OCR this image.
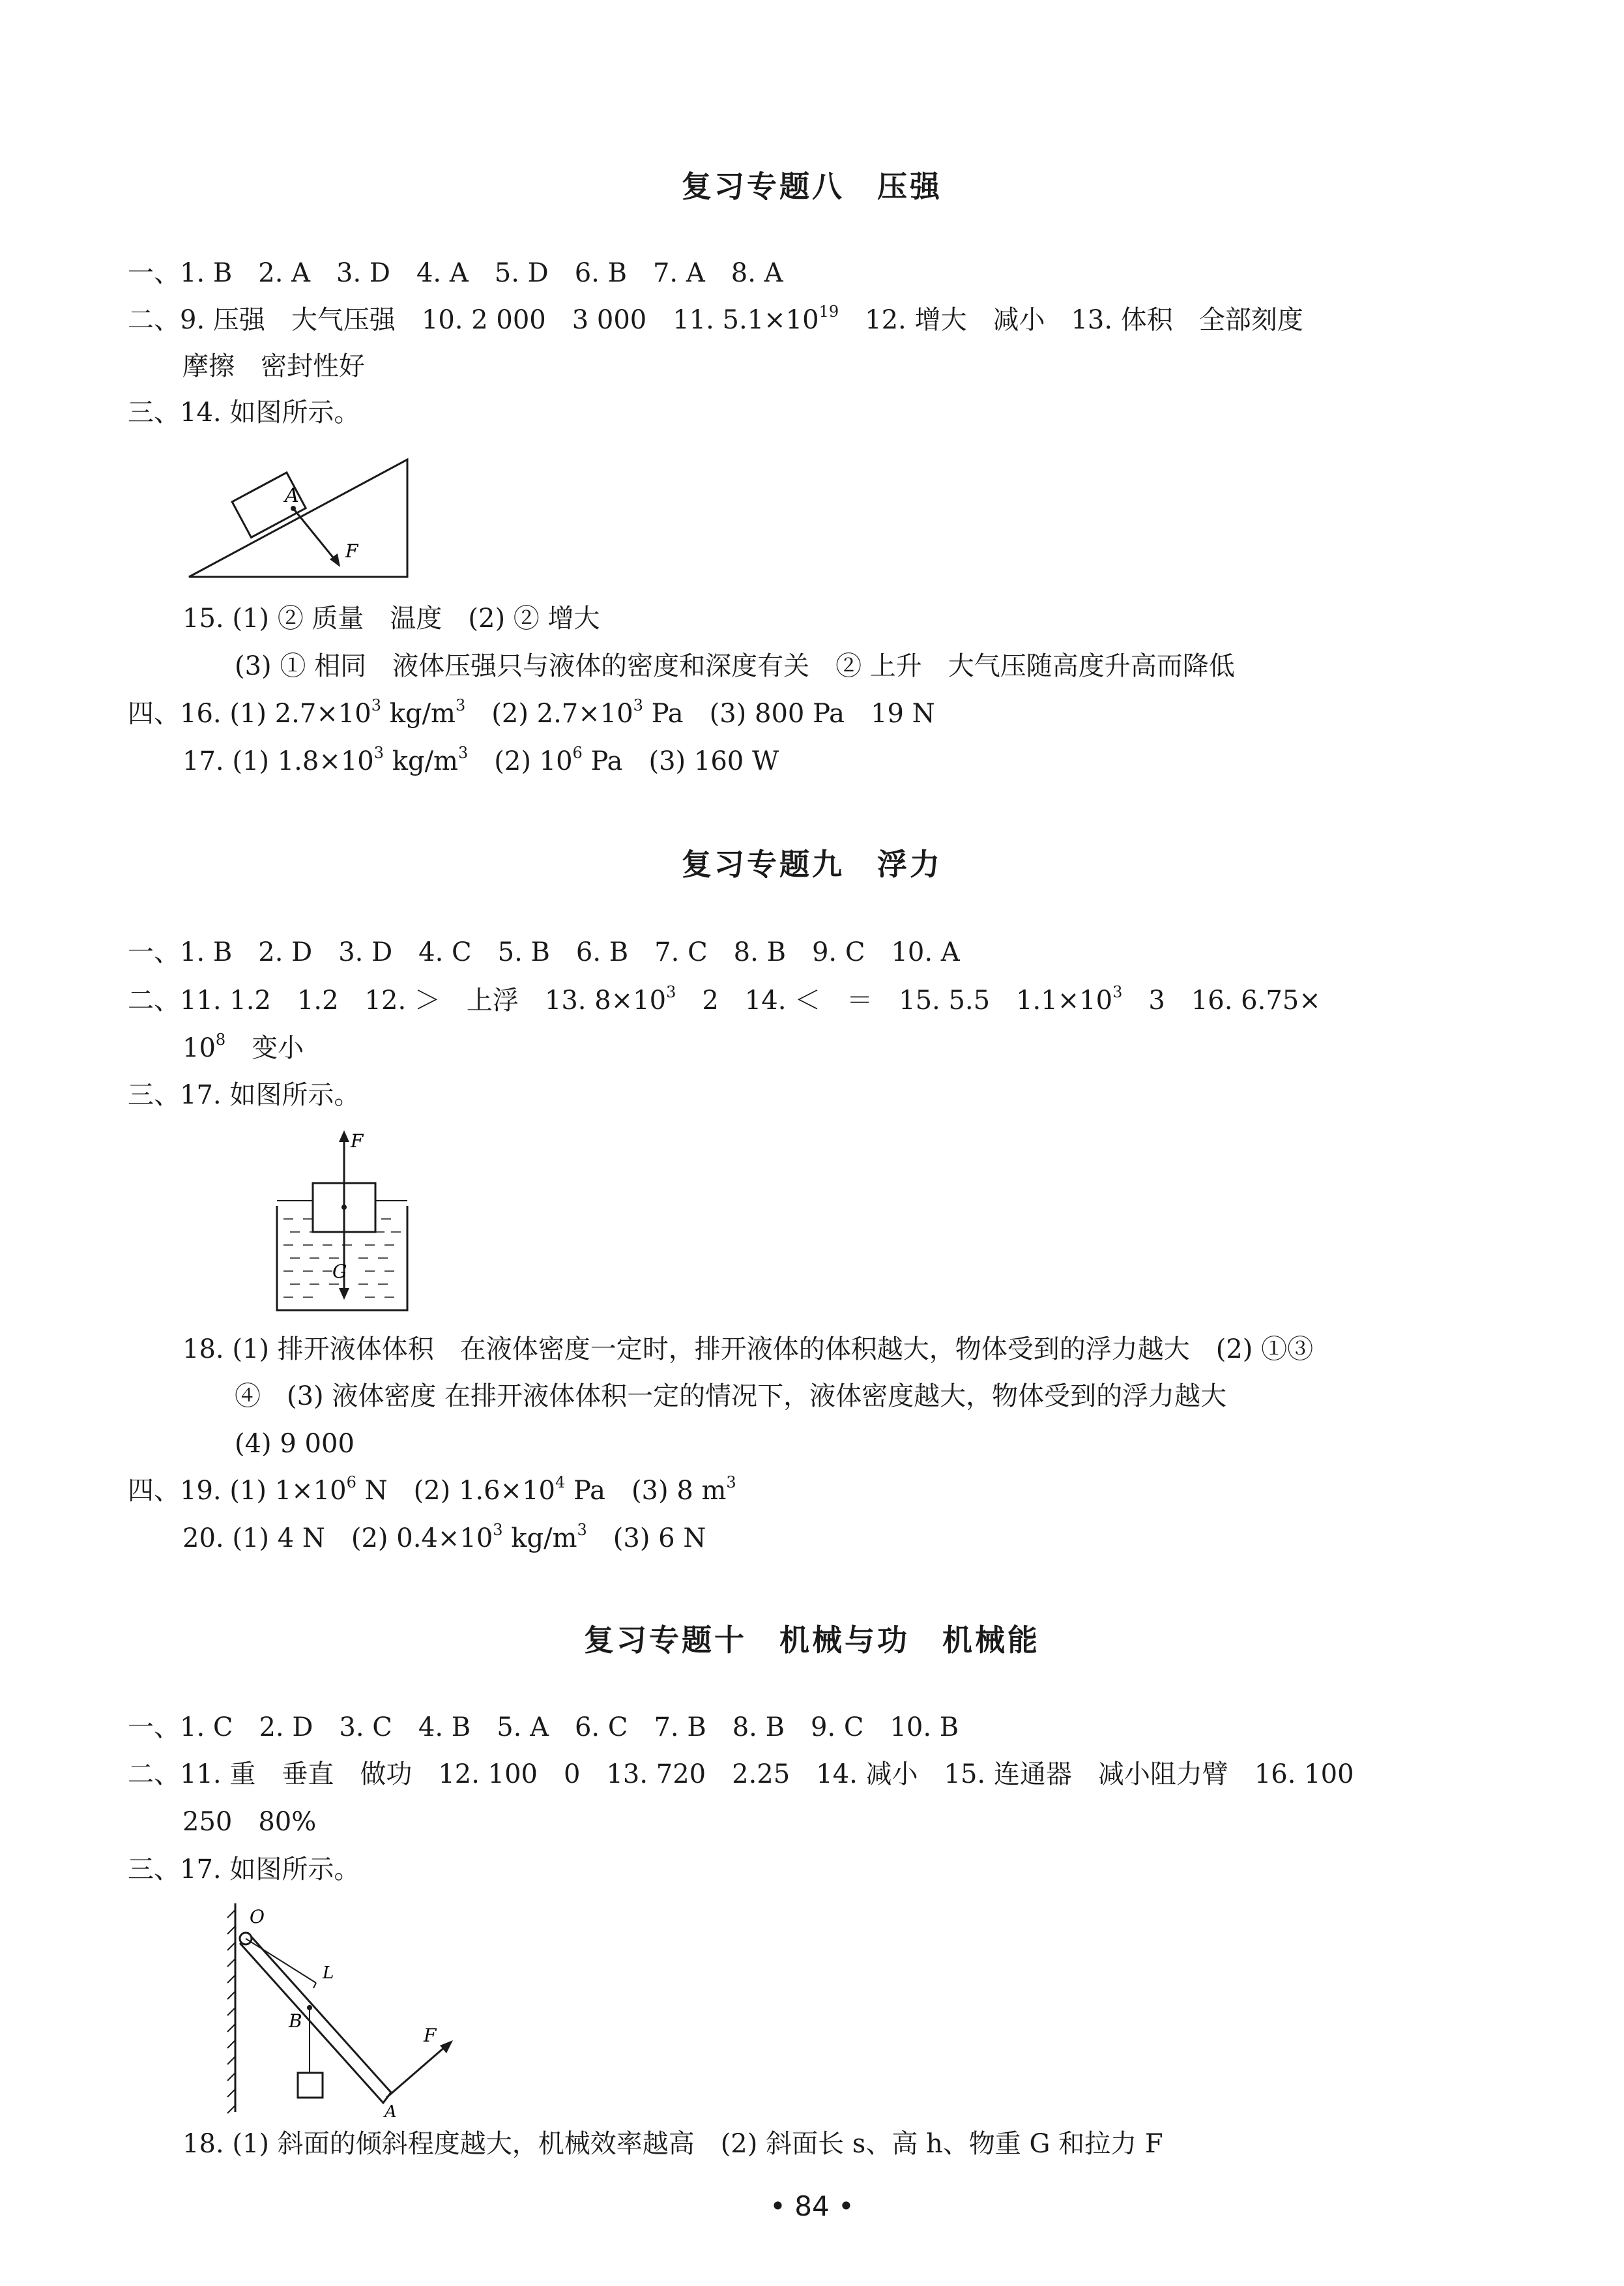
复习专题八　压强
一、1. B　2. A　3. D　4. A　5. D　6. B　7. A　8. A
二、9. 压强　大气压强　10. 2 000　3 000　11. $5.1\times 10^{19}$　12. 增大　减小　13. 体积　全部刻度
摩擦　密封性好
三、14. 如图所示。
A
F
15. (1) ② 质量　温度　(2) ② 增大
(3) ① 相同　液体压强只与液体的密度和深度有关　② 上升　大气压随高度升高而降低
四、16. (1) $2.7\times 10^3$ $kg/m^3$　(2) $2.7\times 10^3$ Pa　(3) 800 Pa　19 N
17. (1) $1.8\times 10^3$ $kg/m^3$　(2) $10^6$ Pa　(3) 160 W
复习专题九　浮力
一、1. B　2. D　3. D　4. C　5. B　6. B　7. C　8. B　9. C　10. A
二、11. 1.2　1.2　12. ＞　上浮　13. $8\times 10^3$　2　14. ＜　＝　15. 5.5　$1.1\times 10^3$　3　16. 6.75×
$10^8$　变小
三、17. 如图所示。
F
G
18. (1) 排开液体体积　在液体密度一定时，排开液体的体积越大，物体受到的浮力越大　(2) ①③
④　(3) 液体密度 在排开液体体积一定的情况下，液体密度越大，物体受到的浮力越大
(4) 9 000
四、19. (1) $1\times 10^6$ N　(2) $1.6\times 10^4$ Pa　(3) 8 $m^3$
20. (1) 4 N　(2) $0.4\times 10^3$ $kg/m^3$　(3) 6 N
复习专题十　机械与功　机械能
一、1. C　2. D　3. C　4. B　5. A　6. C　7. B　8. B　9. C　10. B
二、11. 重　垂直　做功　12. 100　0　13. 720　2.25　14. 减小　15. 连通器　减小阻力臂　16. 100
250　80%
三、17. 如图所示。
O
L
B
A
F
18. (1) 斜面的倾斜程度越大，机械效率越高　(2) 斜面长 s、高 h、物重 G 和拉力 F
• 84 •
